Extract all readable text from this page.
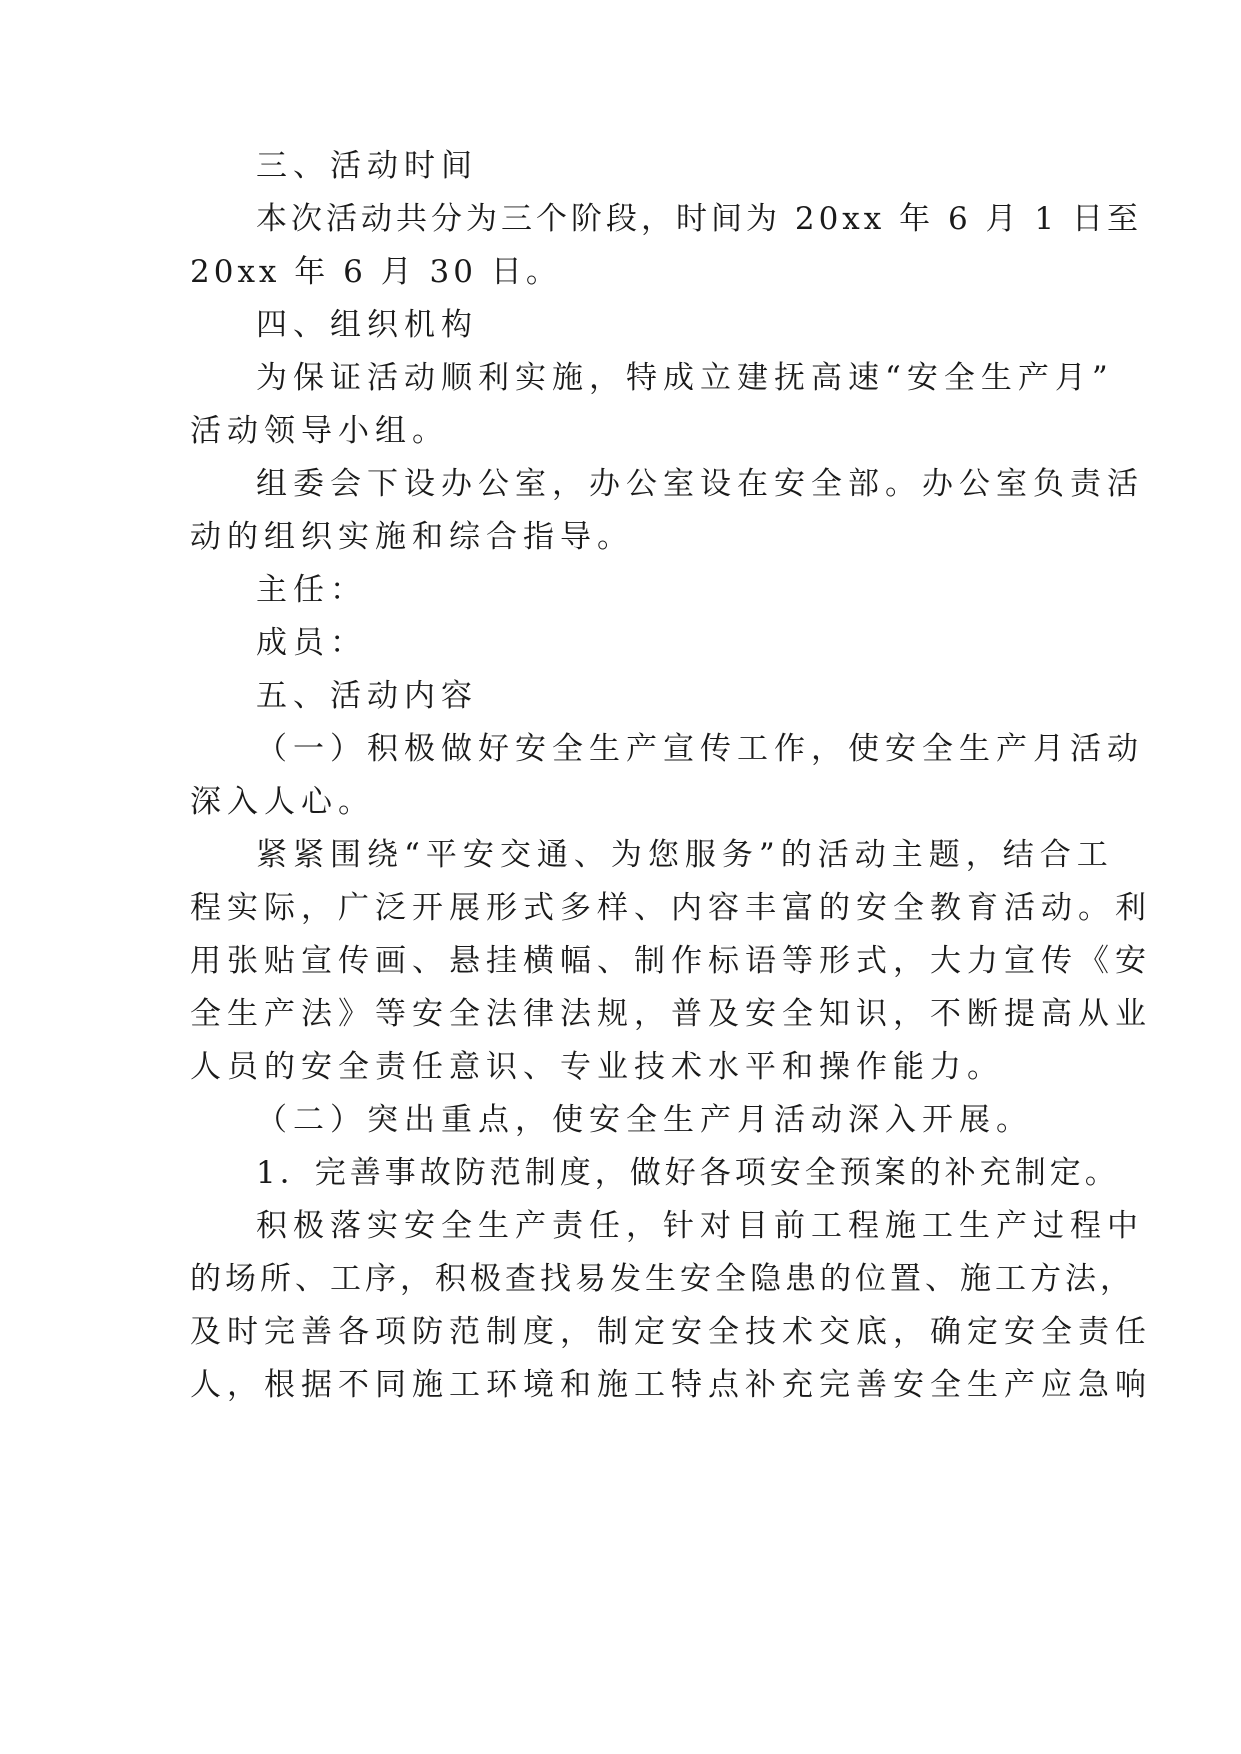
三、活动时间
本次活动共分为三个阶段，时间为 20xx 年 6 月 1 日至
20xx 年 6 月 30 日。
四、组织机构
为保证活动顺利实施，特成立建抚高速“安全生产月”
活动领导小组。
组委会下设办公室，办公室设在安全部。办公室负责活
动的组织实施和综合指导。
主任：
成员：
五、活动内容
（一）积极做好安全生产宣传工作，使安全生产月活动
深入人心。
紧紧围绕“平安交通、为您服务”的活动主题，结合工
程实际，广泛开展形式多样、内容丰富的安全教育活动。利
用张贴宣传画、悬挂横幅、制作标语等形式，大力宣传《安
全生产法》等安全法律法规，普及安全知识，不断提高从业
人员的安全责任意识、专业技术水平和操作能力。
（二）突出重点，使安全生产月活动深入开展。
1．完善事故防范制度，做好各项安全预案的补充制定。
积极落实安全生产责任，针对目前工程施工生产过程中
的场所、工序，积极查找易发生安全隐患的位置、施工方法，
及时完善各项防范制度，制定安全技术交底，确定安全责任
人，根据不同施工环境和施工特点补充完善安全生产应急响
